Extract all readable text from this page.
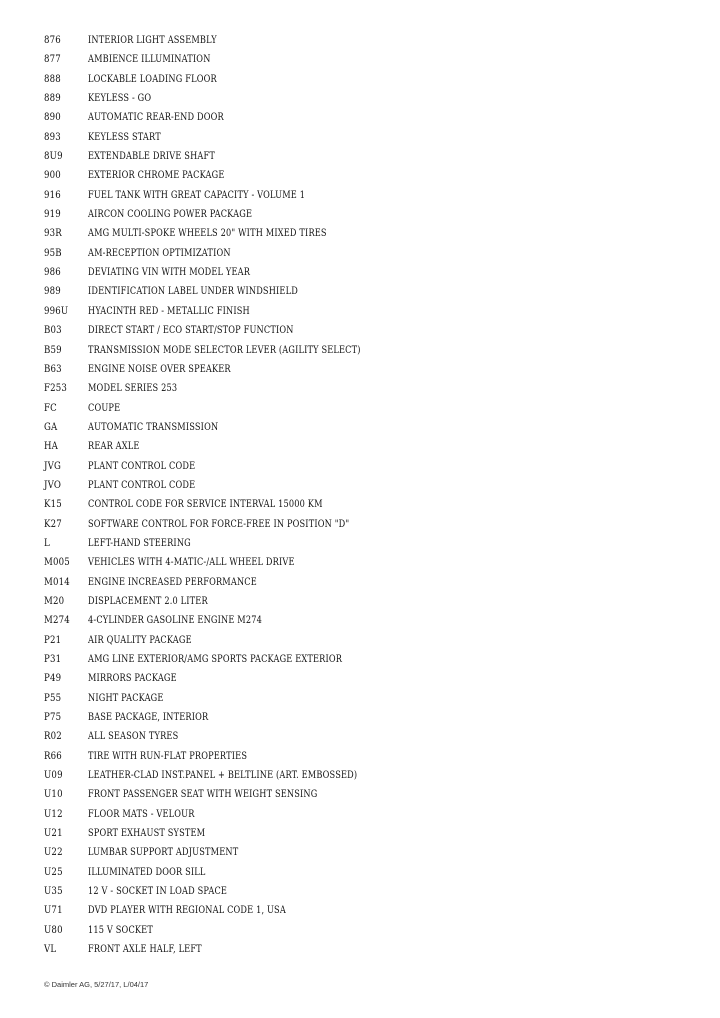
876	INTERIOR LIGHT ASSEMBLY
877	AMBIENCE ILLUMINATION
888	LOCKABLE LOADING FLOOR
889	KEYLESS - GO
890	AUTOMATIC REAR-END DOOR
893	KEYLESS START
8U9	EXTENDABLE DRIVE SHAFT
900	EXTERIOR CHROME PACKAGE
916	FUEL TANK WITH GREAT CAPACITY - VOLUME 1
919	AIRCON COOLING POWER PACKAGE
93R	AMG MULTI-SPOKE WHEELS 20" WITH MIXED TIRES
95B	AM-RECEPTION OPTIMIZATION
986	DEVIATING VIN WITH MODEL YEAR
989	IDENTIFICATION LABEL UNDER WINDSHIELD
996U HYACINTH RED - METALLIC FINISH
B03	DIRECT START / ECO START/STOP FUNCTION
B59	TRANSMISSION MODE SELECTOR LEVER (AGILITY SELECT)
B63	ENGINE NOISE OVER SPEAKER
F253 MODEL SERIES 253
FC	COUPE
GA	AUTOMATIC TRANSMISSION
HA	REAR AXLE
JVG	PLANT CONTROL CODE
JVO	PLANT CONTROL CODE
K15	CONTROL CODE FOR SERVICE INTERVAL 15000 KM
K27	SOFTWARE CONTROL FOR FORCE-FREE IN POSITION "D"
L	LEFT-HAND STEERING
M005 VEHICLES WITH 4-MATIC-/ALL WHEEL DRIVE
M014 ENGINE INCREASED PERFORMANCE
M20 DISPLACEMENT 2.0 LITER
M274 4-CYLINDER GASOLINE ENGINE M274
P21	AIR QUALITY PACKAGE
P31	AMG LINE EXTERIOR/AMG SPORTS PACKAGE EXTERIOR
P49	MIRRORS PACKAGE
P55	NIGHT PACKAGE
P75	BASE PACKAGE, INTERIOR
R02	ALL SEASON TYRES
R66	TIRE WITH RUN-FLAT PROPERTIES
U09	LEATHER-CLAD INST.PANEL + BELTLINE (ART. EMBOSSED)
U10	FRONT PASSENGER SEAT WITH WEIGHT SENSING
U12	FLOOR MATS - VELOUR
U21	SPORT EXHAUST SYSTEM
U22	LUMBAR SUPPORT ADJUSTMENT
U25	ILLUMINATED DOOR SILL
U35	12 V - SOCKET IN LOAD SPACE
U71	DVD PLAYER WITH REGIONAL CODE 1, USA
U80	115 V SOCKET
VL	FRONT AXLE HALF, LEFT
© Daimler AG, 5/27/17, L/04/17
